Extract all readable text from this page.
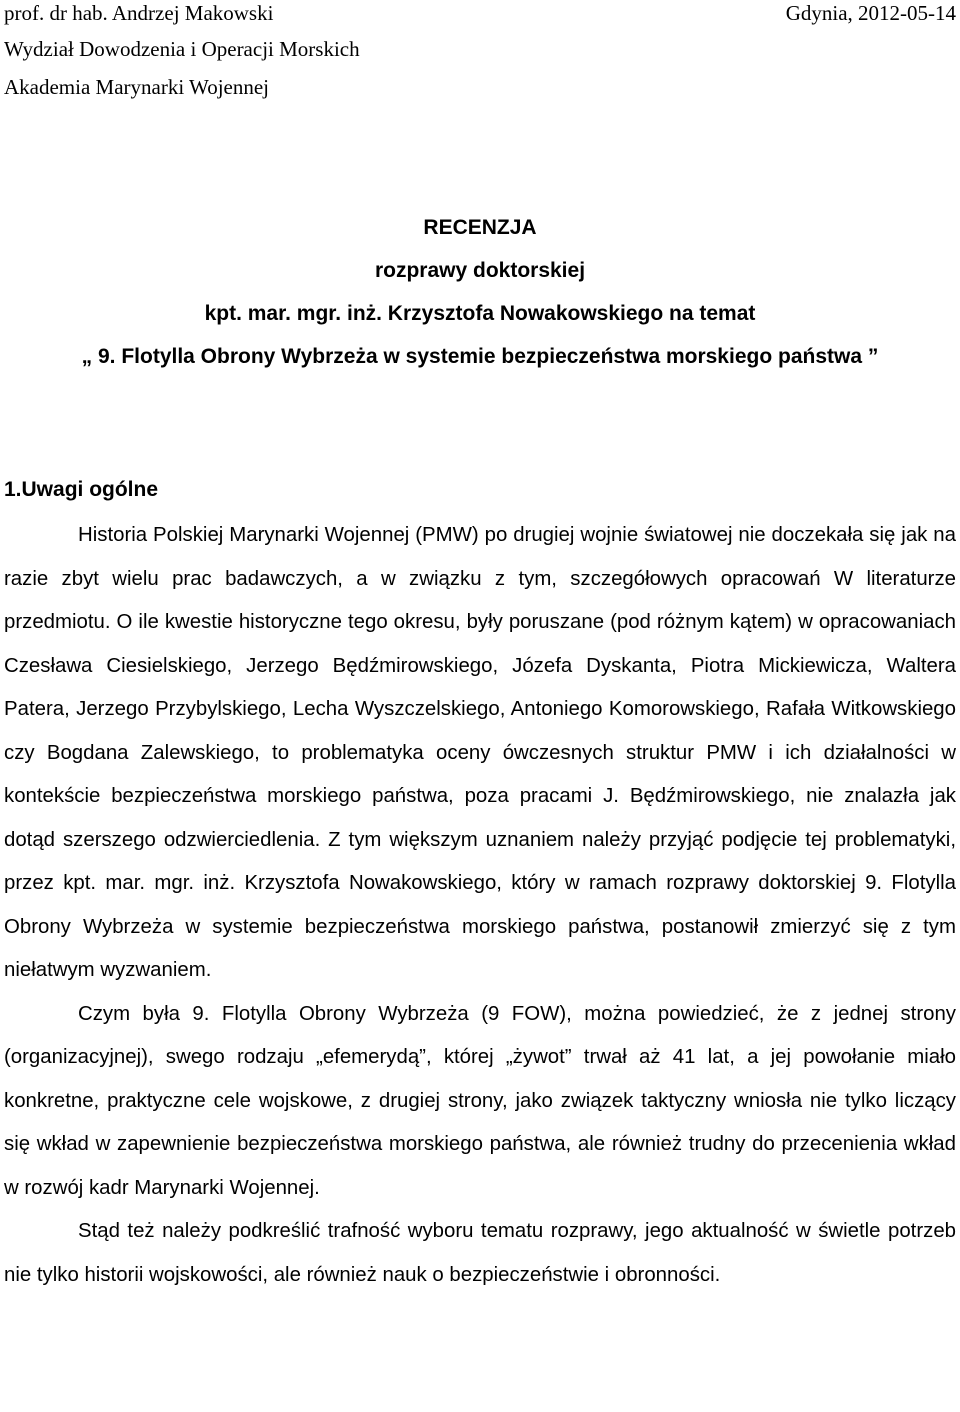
prof. dr hab. Andrzej Makowski	Gdynia, 2012-05-14
Wydział Dowodzenia i Operacji Morskich
Akademia Marynarki Wojennej
RECENZJA
rozprawy doktorskiej
kpt. mar. mgr. inż. Krzysztofa Nowakowskiego na temat
„ 9. Flotylla Obrony Wybrzeża w systemie bezpieczeństwa morskiego państwa ”
1.Uwagi ogólne

Historia Polskiej Marynarki Wojennej (PMW) po drugiej wojnie światowej nie doczekała się jak na razie zbyt wielu prac badawczych, a w związku z tym, szczegółowych opracowań W literaturze przedmiotu. O ile kwestie historyczne tego okresu, były poruszane (pod różnym kątem) w opracowaniach Czesława Ciesielskiego, Jerzego Będźmirowskiego, Józefa Dyskanta, Piotra Mickiewicza, Waltera Patera, Jerzego Przybylskiego, Lecha Wyszczelskiego, Antoniego Komorowskiego, Rafała Witkowskiego czy Bogdana Zalewskiego, to problematyka oceny ówczesnych struktur PMW i ich działalności w kontekście bezpieczeństwa morskiego państwa, poza pracami J. Będźmirowskiego, nie znalazła jak dotąd szerszego odzwierciedlenia. Z tym większym uznaniem należy przyjąć podjęcie tej problematyki, przez kpt. mar. mgr. inż. Krzysztofa Nowakowskiego, który w ramach rozprawy doktorskiej 9. Flotylla Obrony Wybrzeża w systemie bezpieczeństwa morskiego państwa, postanowił zmierzyć się z tym niełatwym wyzwaniem.

Czym była 9. Flotylla Obrony Wybrzeża (9 FOW), można powiedzieć, że z jednej strony (organizacyjnej), swego rodzaju „efemerydą”, której „żywot” trwał aż 41 lat, a jej powołanie miało konkretne, praktyczne cele wojskowe, z drugiej strony, jako związek taktyczny wniosła nie tylko liczący się wkład w zapewnienie bezpieczeństwa morskiego państwa, ale również trudny do przecenienia wkład w rozwój kadr Marynarki Wojennej.

Stąd też należy podkreślić trafność wyboru tematu rozprawy, jego aktualność w świetle potrzeb nie tylko historii wojskowości, ale również nauk o bezpieczeństwie i obronności.
